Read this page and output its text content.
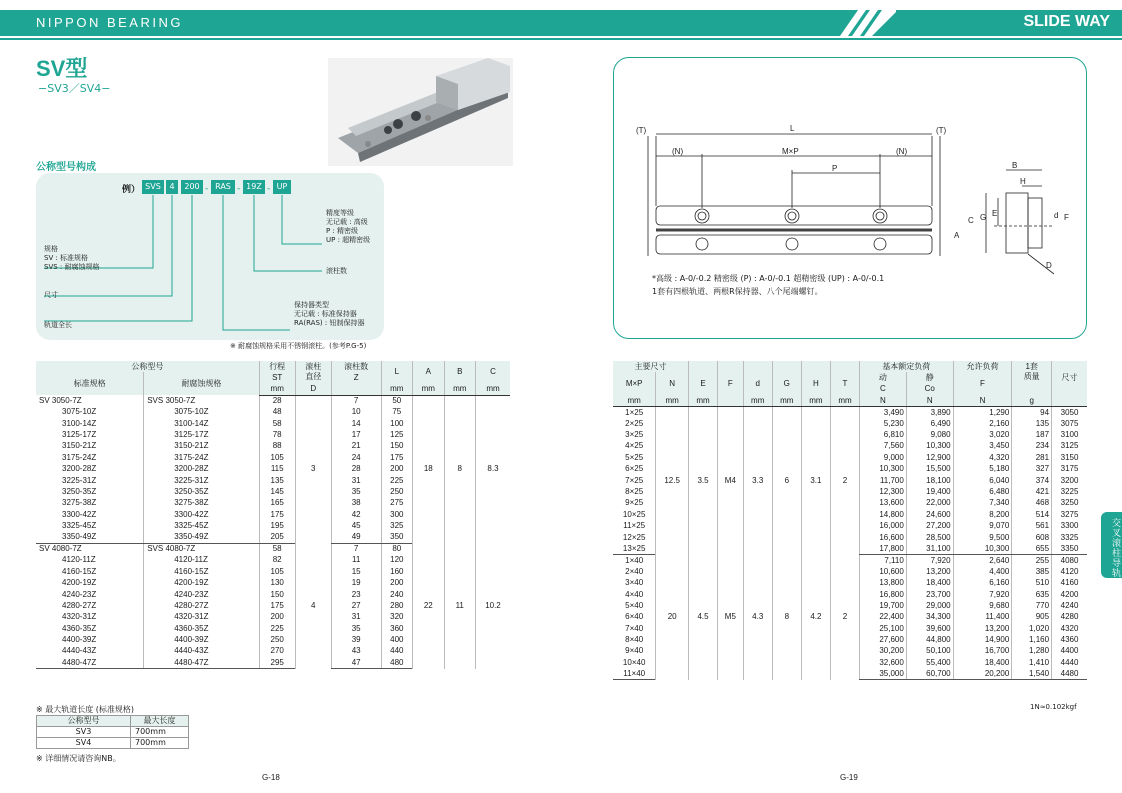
NIPPON BEARING	SLIDE WAY
SV型
−SV3／SV4−
公称型号构成
例） SVS	4	200 - RAS - 19Z - UP
精度等级
无记载 : 高级
P : 精密级
UP : 超精密级
滚柱数
规格
SV : 标准规格
SVS : 耐腐蚀规格
尺寸
保持器类型
无记载 : 标准保持器
RA(RAS) : 钮制保持器
轨道全长
※ 耐腐蚀规格采用不锈钢滚柱。(参考P.G-5)
公称型号		行程	滚柱
直径	滚柱数	L	A	B	C
标准规格	耐腐蚀规格	ST		Z				
		mm	D		mm	mm	mm	mm
SV 3050-7Z	SVS 3050-7Z	28	3	7	50	18	8	8.3
3075-10Z	3075-10Z	48		10	75			
3100-14Z	3100-14Z	58		14	100			
3125-17Z	3125-17Z	78		17	125			
3150-21Z	3150-21Z	88		21	150			
3175-24Z	3175-24Z	105		24	175			
3200-28Z	3200-28Z	115		28	200			
3225-31Z	3225-31Z	135		31	225			
3250-35Z	3250-35Z	145		35	250			
3275-38Z	3275-38Z	165		38	275			
3300-42Z	3300-42Z	175		42	300			
3325-45Z	3325-45Z	195		45	325			
3350-49Z	3350-49Z	205		49	350			
SV 4080-7Z	SVS 4080-7Z	58	4	7	80	22	11	10.2
4120-11Z	4120-11Z	82		11	120			
4160-15Z	4160-15Z	105		15	160			
4200-19Z	4200-19Z	130		19	200			
4240-23Z	4240-23Z	150		23	240			
4280-27Z	4280-27Z	175		27	280			
4320-31Z	4320-31Z	200		31	320			
4360-35Z	4360-35Z	225		35	360			
4400-39Z	4400-39Z	250		39	400			
4440-43Z	4440-43Z	270		43	440			
4480-47Z	4480-47Z	295		47	480			
※ 最大轨道长度 (标准规格)
公称型号	最大长度
SV3	700mm
SV4	700mm
※ 详细情况请咨询NB。
G-18	G-19
(T)	(T)
L
(N)	(N)
M×P
P	B
H
C G E
A
d F
D
*高级 : A-0/-0.2 精密级 (P) : A-0/-0.1 超精密级 (UP) : A-0/-0.1
1套有四根轨道、两根R保持器、八个尾端螺钉。
主要尺寸								基本额定负荷		允许负荷	1套
质量	尺寸
M×P	N	E	F	d	G	H	T	动	静	F		
								C	Co			
mm	mm	mm		mm	mm	mm	mm	N	N	N	g	
1×25	12.5	3.5	M4	3.3	6	3.1	2	3,490	3,890	1,290	94	3050
2×25								5,230	6,490	2,160	135	3075
3×25								6,810	9,080	3,020	187	3100
4×25								7,560	10,300	3,450	234	3125
5×25								9,000	12,900	4,320	281	3150
6×25								10,300	15,500	5,180	327	3175
7×25								11,700	18,100	6,040	374	3200
8×25								12,300	19,400	6,480	421	3225
9×25								13,600	22,000	7,340	468	3250
10×25								14,800	24,600	8,200	514	3275
11×25								16,000	27,200	9,070	561	3300
12×25								16,600	28,500	9,500	608	3325
13×25								17,800	31,100	10,300	655	3350
1×40	20	4.5	M5	4.3	8	4.2	2	7,110	7,920	2,640	255	4080
2×40								10,600	13,200	4,400	385	4120
3×40								13,800	18,400	6,160	510	4160
4×40								16,800	23,700	7,920	635	4200
5×40								19,700	29,000	9,680	770	4240
6×40								22,400	34,300	11,400	905	4280
7×40								25,100	39,600	13,200	1,020	4320
8×40								27,600	44,800	14,900	1,160	4360
9×40								30,200	50,100	16,700	1,280	4400
10×40								32,600	55,400	18,400	1,410	4440
11×40								35,000	60,700	20,200	1,540	4480
1N≈0.102kgf
交叉滚柱导轨
